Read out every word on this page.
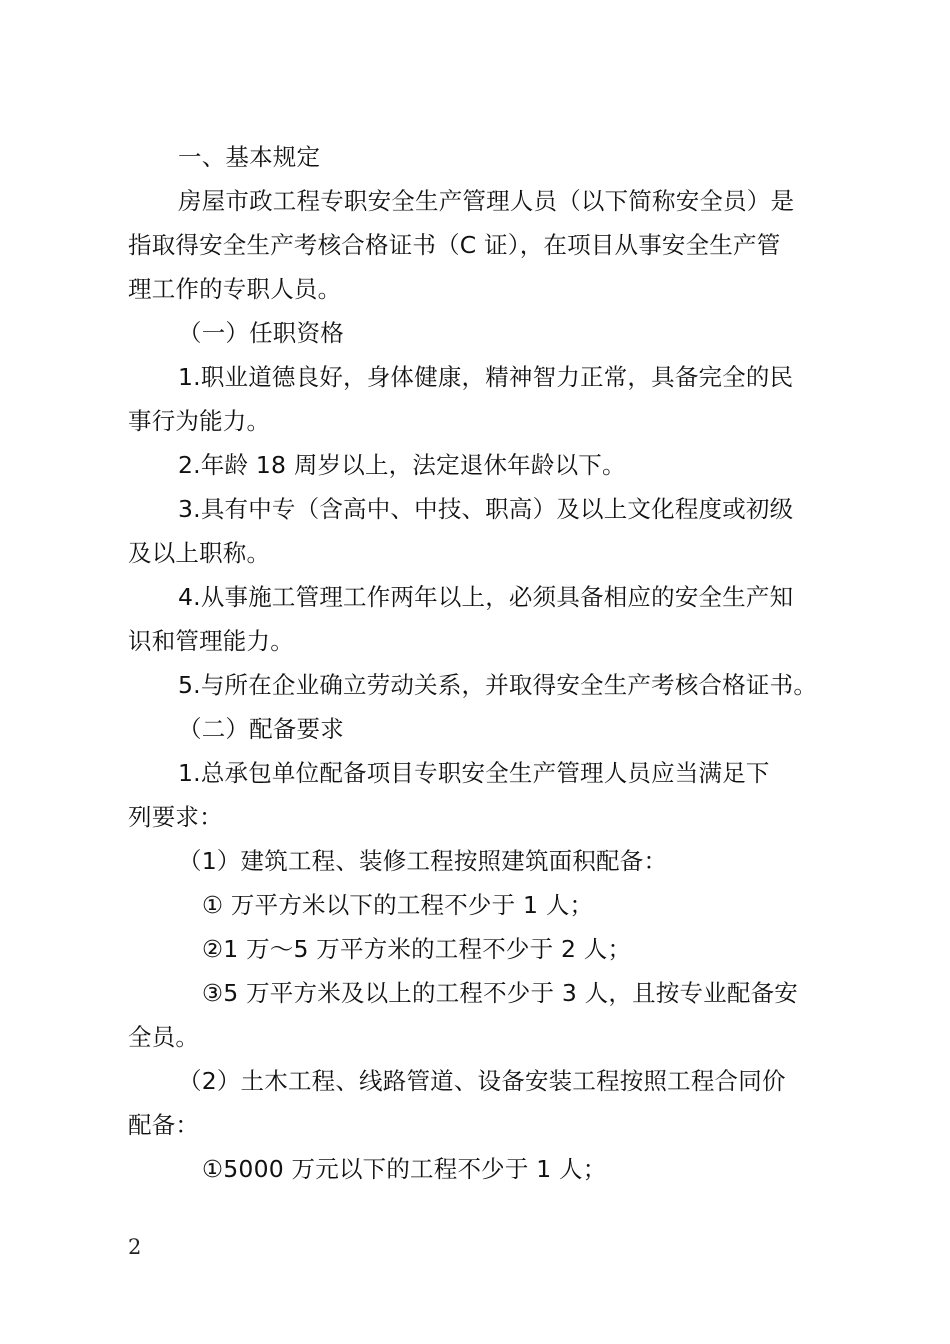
一、基本规定
房屋市政工程专职安全生产管理人员（以下简称安全员）是
指取得安全生产考核合格证书（C 证），在项目从事安全生产管
理工作的专职人员。
（一）任职资格
1.职业道德良好，身体健康，精神智力正常，具备完全的民
事行为能力。
2.年龄 18 周岁以上，法定退休年龄以下。
3.具有中专（含高中、中技、职高）及以上文化程度或初级
及以上职称。
4.从事施工管理工作两年以上，必须具备相应的安全生产知
识和管理能力。
5.与所在企业确立劳动关系，并取得安全生产考核合格证书。
（二）配备要求
1.总承包单位配备项目专职安全生产管理人员应当满足下
列要求：
（1）建筑工程、装修工程按照建筑面积配备：
① 万平方米以下的工程不少于 1 人；
②1 万～5 万平方米的工程不少于 2 人；
③5 万平方米及以上的工程不少于 3 人，且按专业配备安
全员。
（2）土木工程、线路管道、设备安装工程按照工程合同价
配备：
①5000 万元以下的工程不少于 1 人；
2
